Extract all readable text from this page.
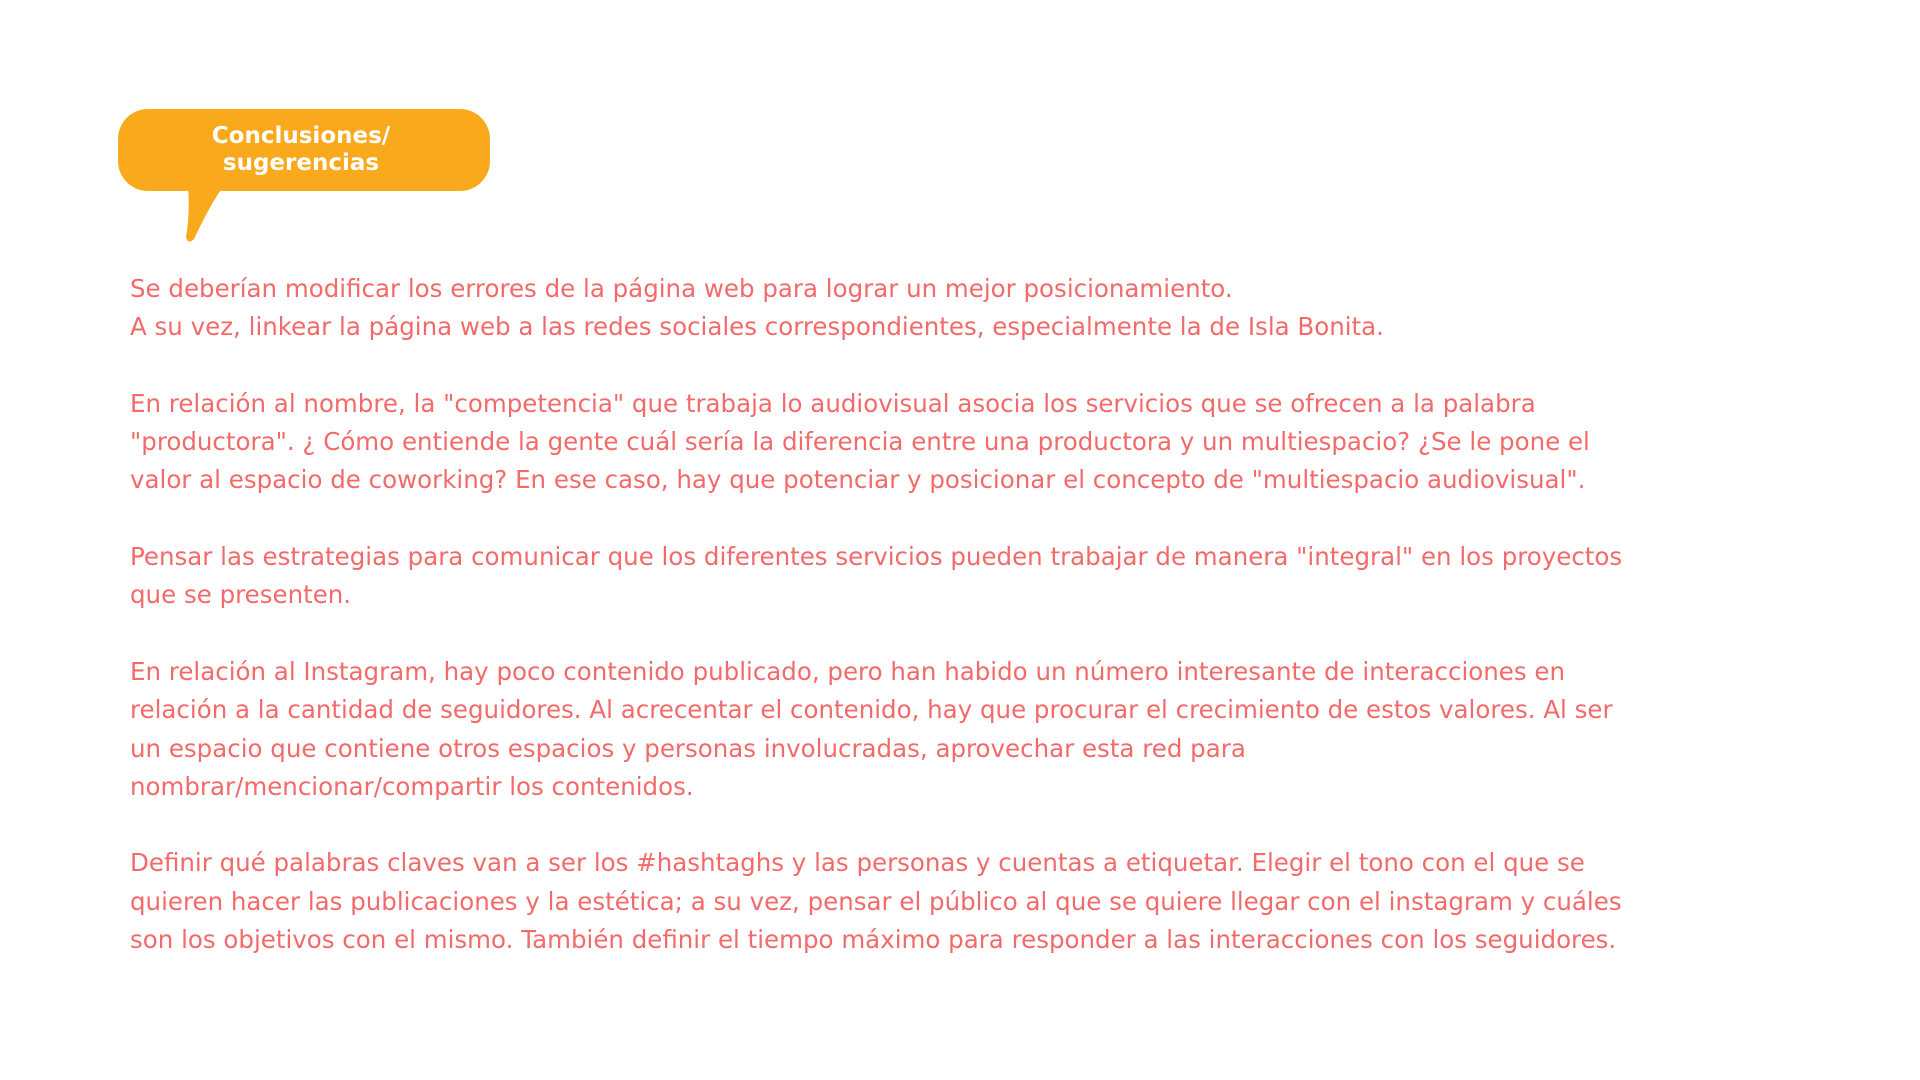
Conclusiones/
sugerencias

Se deberían modificar los errores de la página web para lograr un mejor posicionamiento.
A su vez, linkear la página web a las redes sociales correspondientes, especialmente la de Isla Bonita.

En relación al nombre, la "competencia" que trabaja lo audiovisual asocia los servicios que se ofrecen a la palabra
"productora". ¿ Cómo entiende la gente cuál sería la diferencia entre una productora y un multiespacio? ¿Se le pone el
valor al espacio de coworking? En ese caso, hay que potenciar y posicionar el concepto de "multiespacio audiovisual".

Pensar las estrategias para comunicar que los diferentes servicios pueden trabajar de manera "integral" en los proyectos
que se presenten.

En relación al Instagram, hay poco contenido publicado, pero han habido un número interesante de interacciones en
relación a la cantidad de seguidores. Al acrecentar el contenido, hay que procurar el crecimiento de estos valores. Al ser
un espacio que contiene otros espacios y personas involucradas, aprovechar esta red para
nombrar/mencionar/compartir los contenidos.

Definir qué palabras claves van a ser los #hashtaghs y las personas y cuentas a etiquetar. Elegir el tono con el que se
quieren hacer las publicaciones y la estética; a su vez, pensar el público al que se quiere llegar con el instagram y cuáles
son los objetivos con el mismo. También definir el tiempo máximo para responder a las interacciones con los seguidores.
